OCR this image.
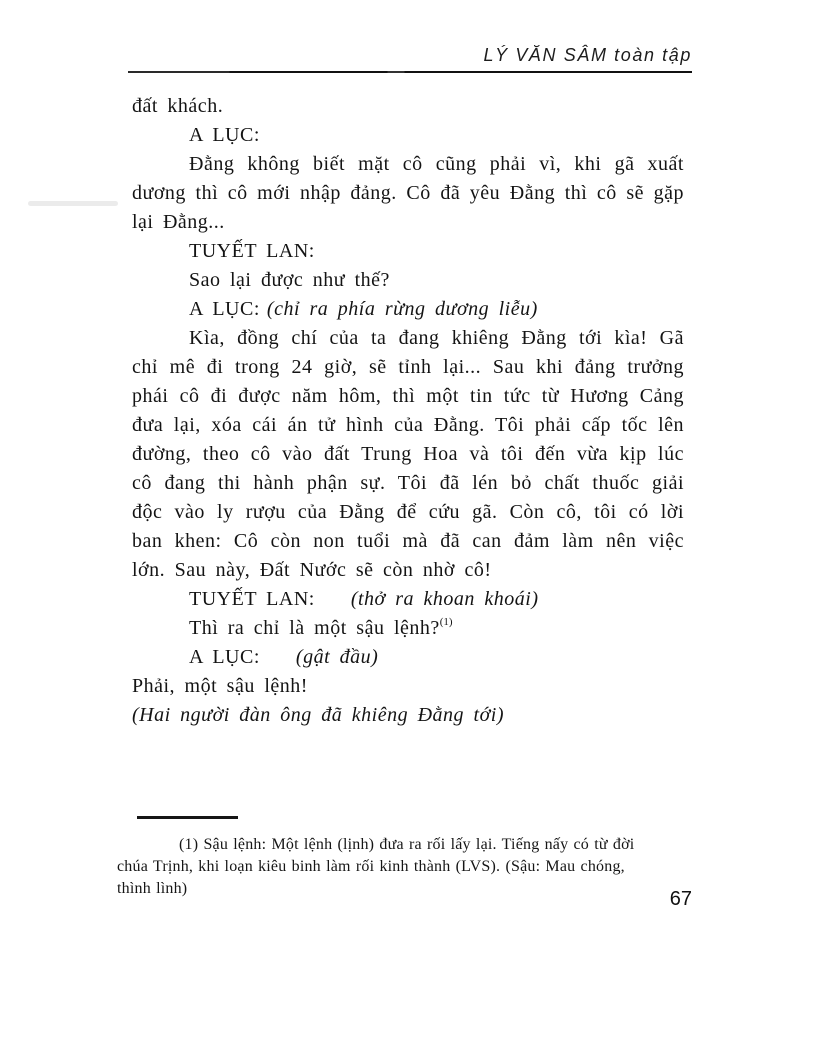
LÝ VĂN SÂM toàn tập
đất khách.
A LỤC:
Đằng không biết mặt cô cũng phải vì, khi gã xuất dương thì cô mới nhập đảng. Cô đã yêu Đằng thì cô sẽ gặp lại Đằng...
TUYẾT LAN:
Sao lại được như thế?
A LỤC: (chỉ ra phía rừng dương liễu)
Kìa, đồng chí của ta đang khiêng Đằng tới kìa! Gã chỉ mê đi trong 24 giờ, sẽ tỉnh lại... Sau khi đảng trưởng phái cô đi được năm hôm, thì một tin tức từ Hương Cảng đưa lại, xóa cái án tử hình của Đằng. Tôi phải cấp tốc lên đường, theo cô vào đất Trung Hoa và tôi đến vừa kịp lúc cô đang thi hành phận sự. Tôi đã lén bỏ chất thuốc giải độc vào ly rượu của Đằng để cứu gã. Còn cô, tôi có lời ban khen: Cô còn non tuổi mà đã can đảm làm nên việc lớn. Sau này, Đất Nước sẽ còn nhờ cô!
TUYẾT LAN: (thở ra khoan khoái)
Thì ra chỉ là một sậu lệnh?$^{(1)}$
A LỤC: (gật đầu)
Phải, một sậu lệnh!
(Hai người đàn ông đã khiêng Đằng tới)
(1) Sậu lệnh: Một lệnh (lịnh) đưa ra rối lấy lại. Tiếng nấy có từ đời
chúa Trịnh, khi loạn kiêu binh làm rối kinh thành (LVS). (Sậu: Mau chóng,
thình lình)	67
